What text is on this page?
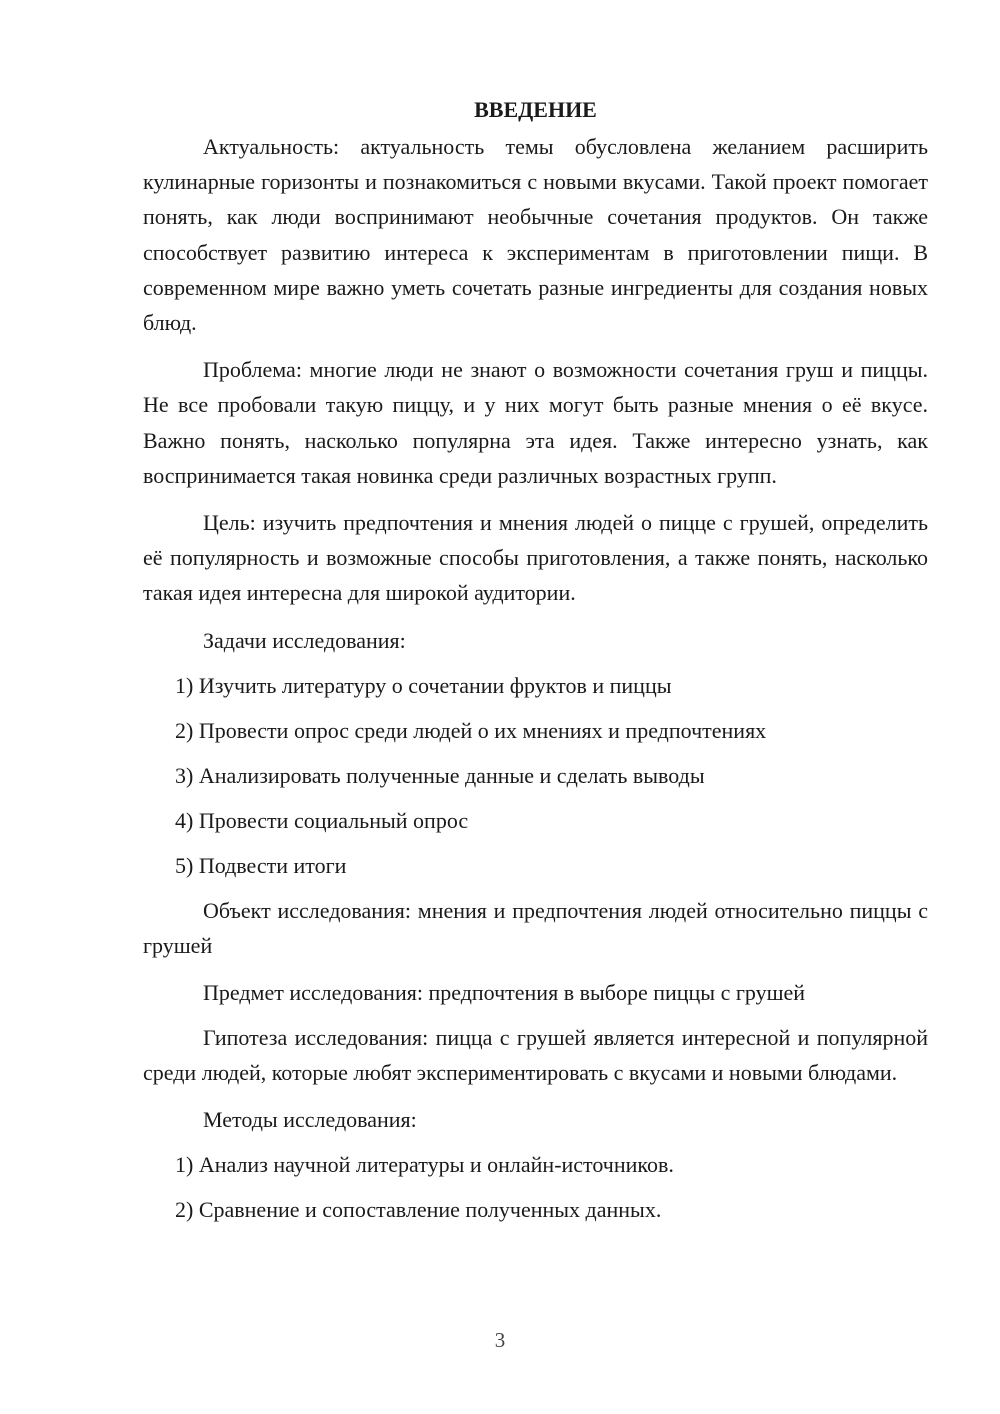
ВВЕДЕНИЕ

Актуальность: актуальность темы обусловлена желанием расширить кулинарные горизонты и познакомиться с новыми вкусами. Такой проект помогает понять, как люди воспринимают необычные сочетания продуктов. Он также способствует развитию интереса к экспериментам в приготовлении пищи. В современном мире важно уметь сочетать разные ингредиенты для создания новых блюд.

Проблема: многие люди не знают о возможности сочетания груш и пиццы. Не все пробовали такую пиццу, и у них могут быть разные мнения о её вкусе. Важно понять, насколько популярна эта идея. Также интересно узнать, как воспринимается такая новинка среди различных возрастных групп.

Цель: изучить предпочтения и мнения людей о пицце с грушей, определить её популярность и возможные способы приготовления, а также понять, насколько такая идея интересна для широкой аудитории.

Задачи исследования:

1) Изучить литературу о сочетании фруктов и пиццы
2) Провести опрос среди людей о их мнениях и предпочтениях
3) Анализировать полученные данные и сделать выводы
4) Провести социальный опрос
5) Подвести итоги

Объект исследования: мнения и предпочтения людей относительно пиццы с грушей

Предмет исследования: предпочтения в выборе пиццы с грушей

Гипотеза исследования: пицца с грушей является интересной и популярной среди людей, которые любят экспериментировать с вкусами и новыми блюдами.

Методы исследования:

1) Анализ научной литературы и онлайн-источников.
2) Сравнение и сопоставление полученных данных.
3
